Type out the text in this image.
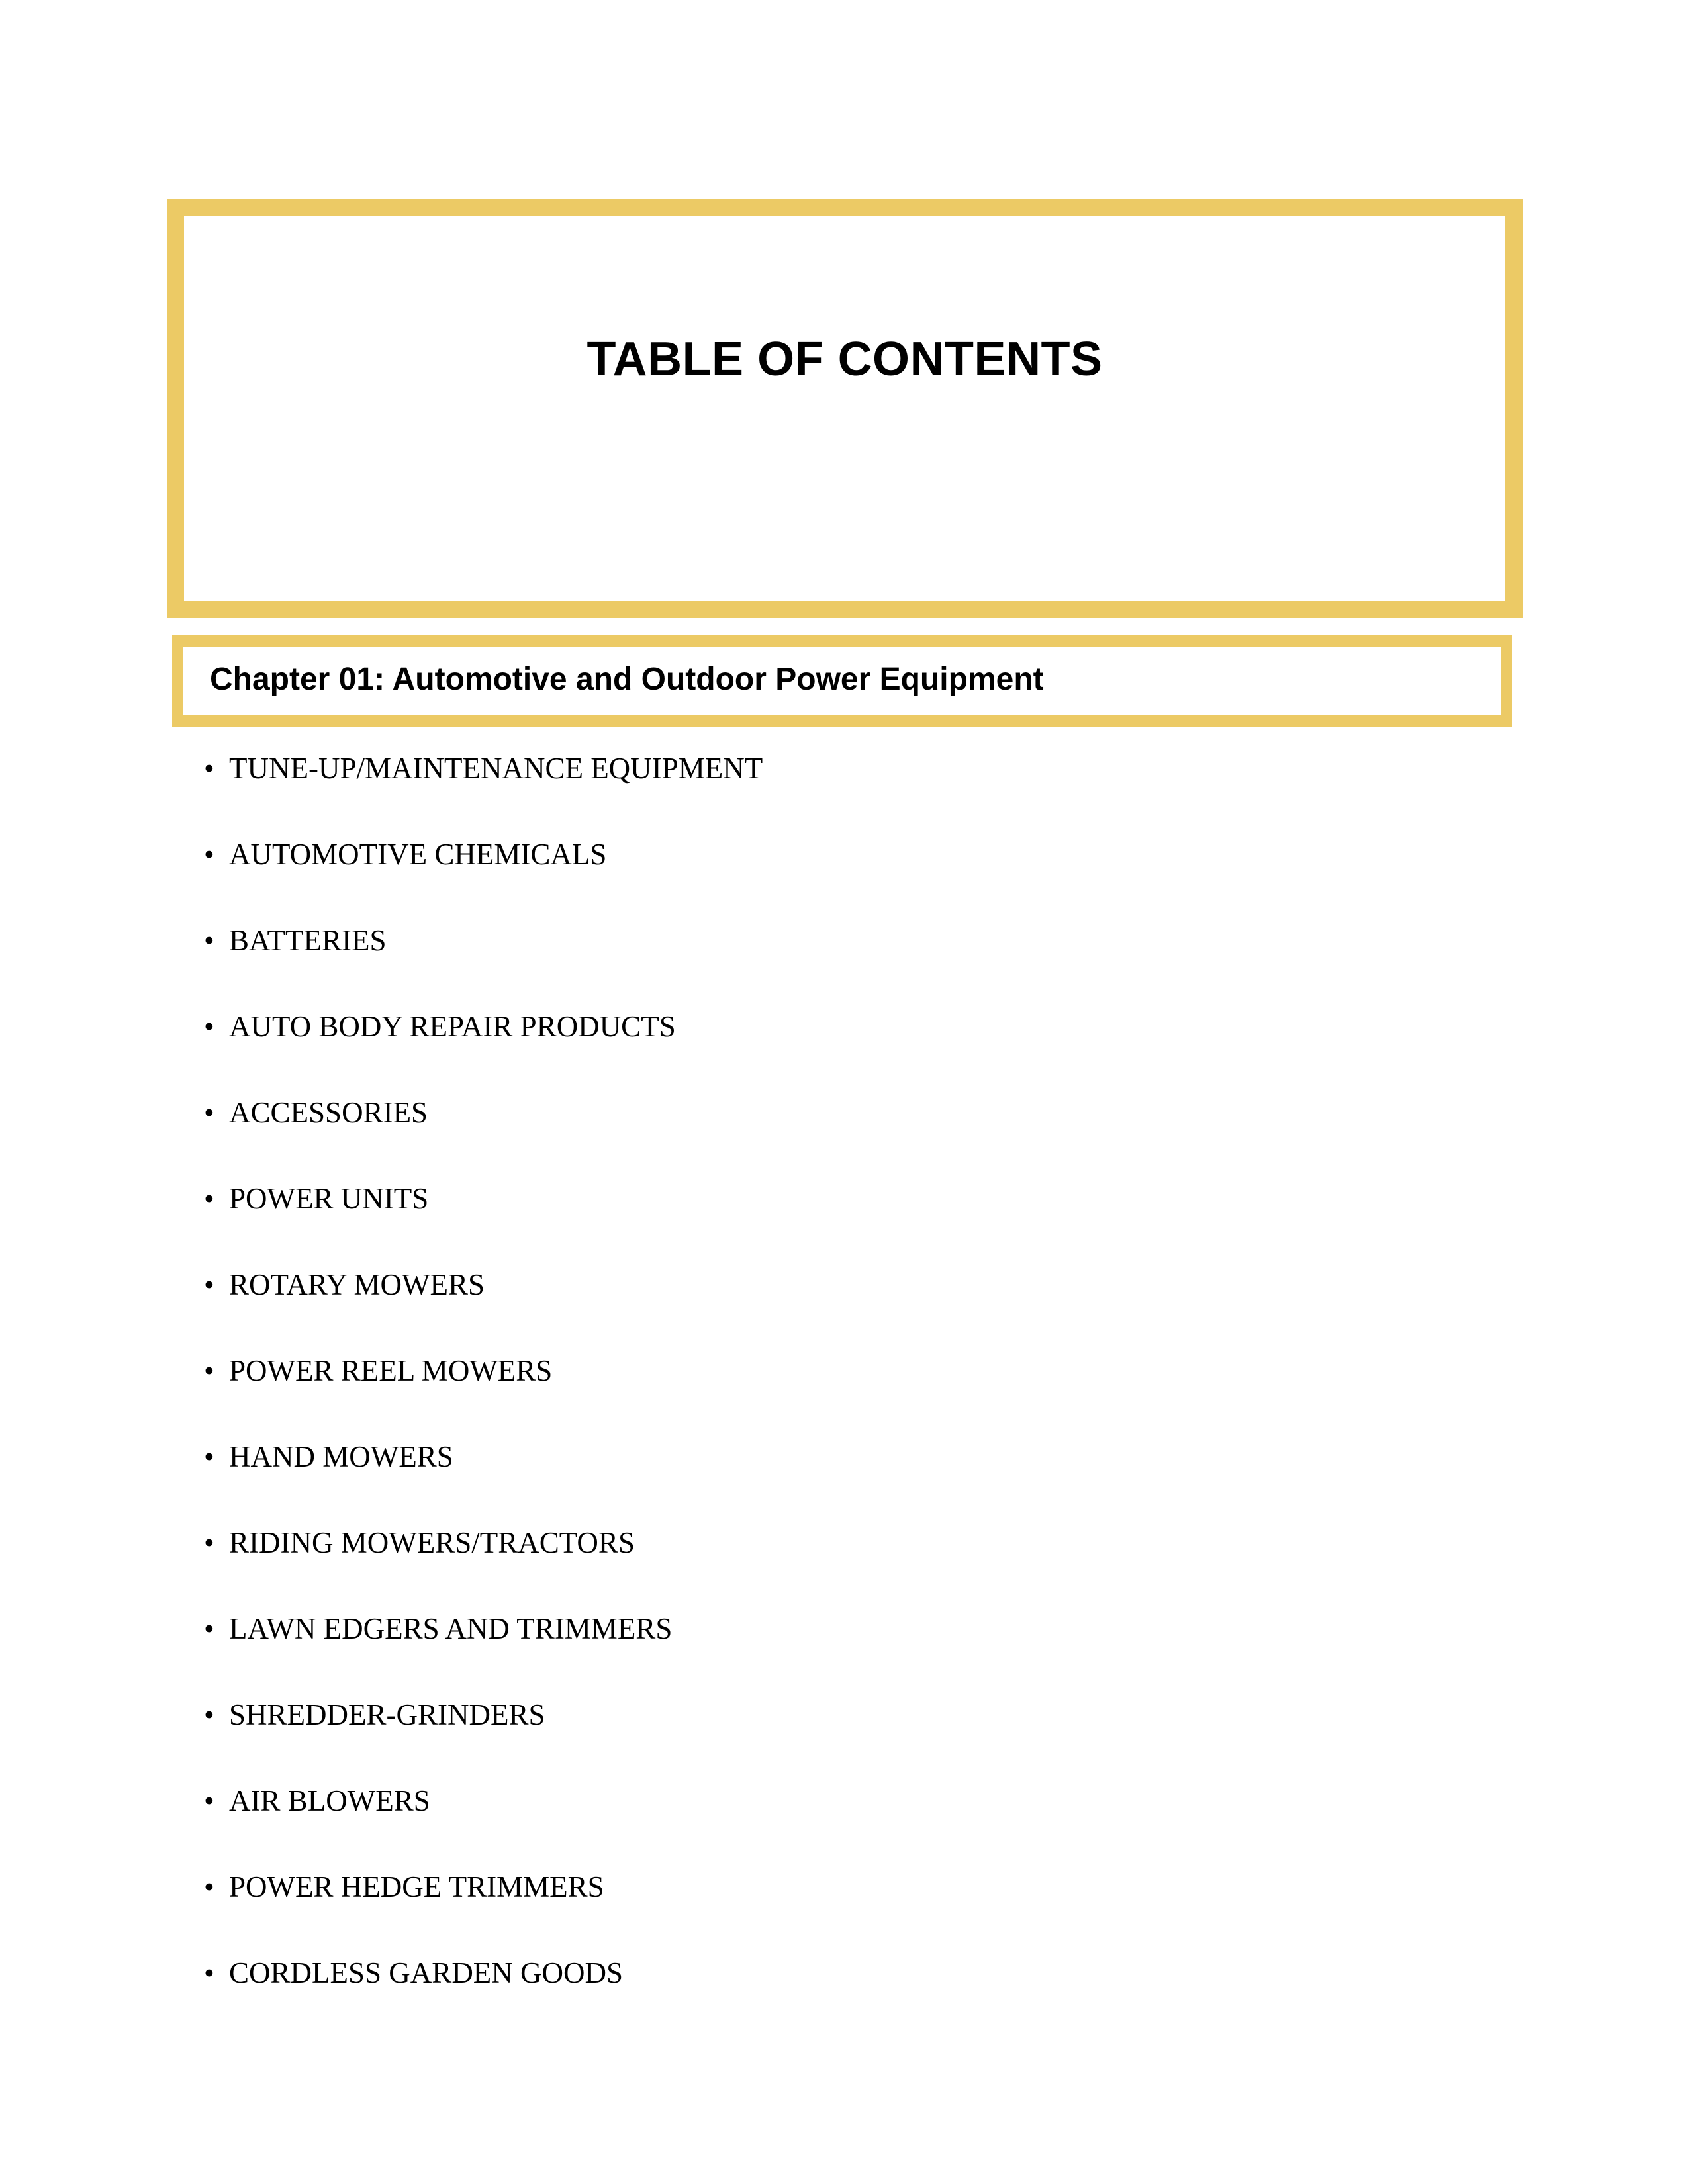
TABLE OF CONTENTS
Chapter 01: Automotive and Outdoor Power Equipment
• TUNE-UP/MAINTENANCE EQUIPMENT
• AUTOMOTIVE CHEMICALS
• BATTERIES
• AUTO BODY REPAIR PRODUCTS
• ACCESSORIES
• POWER UNITS
• ROTARY MOWERS
• POWER REEL MOWERS
• HAND MOWERS
• RIDING MOWERS/TRACTORS
• LAWN EDGERS AND TRIMMERS
• SHREDDER-GRINDERS
• AIR BLOWERS
• POWER HEDGE TRIMMERS
• CORDLESS GARDEN GOODS
